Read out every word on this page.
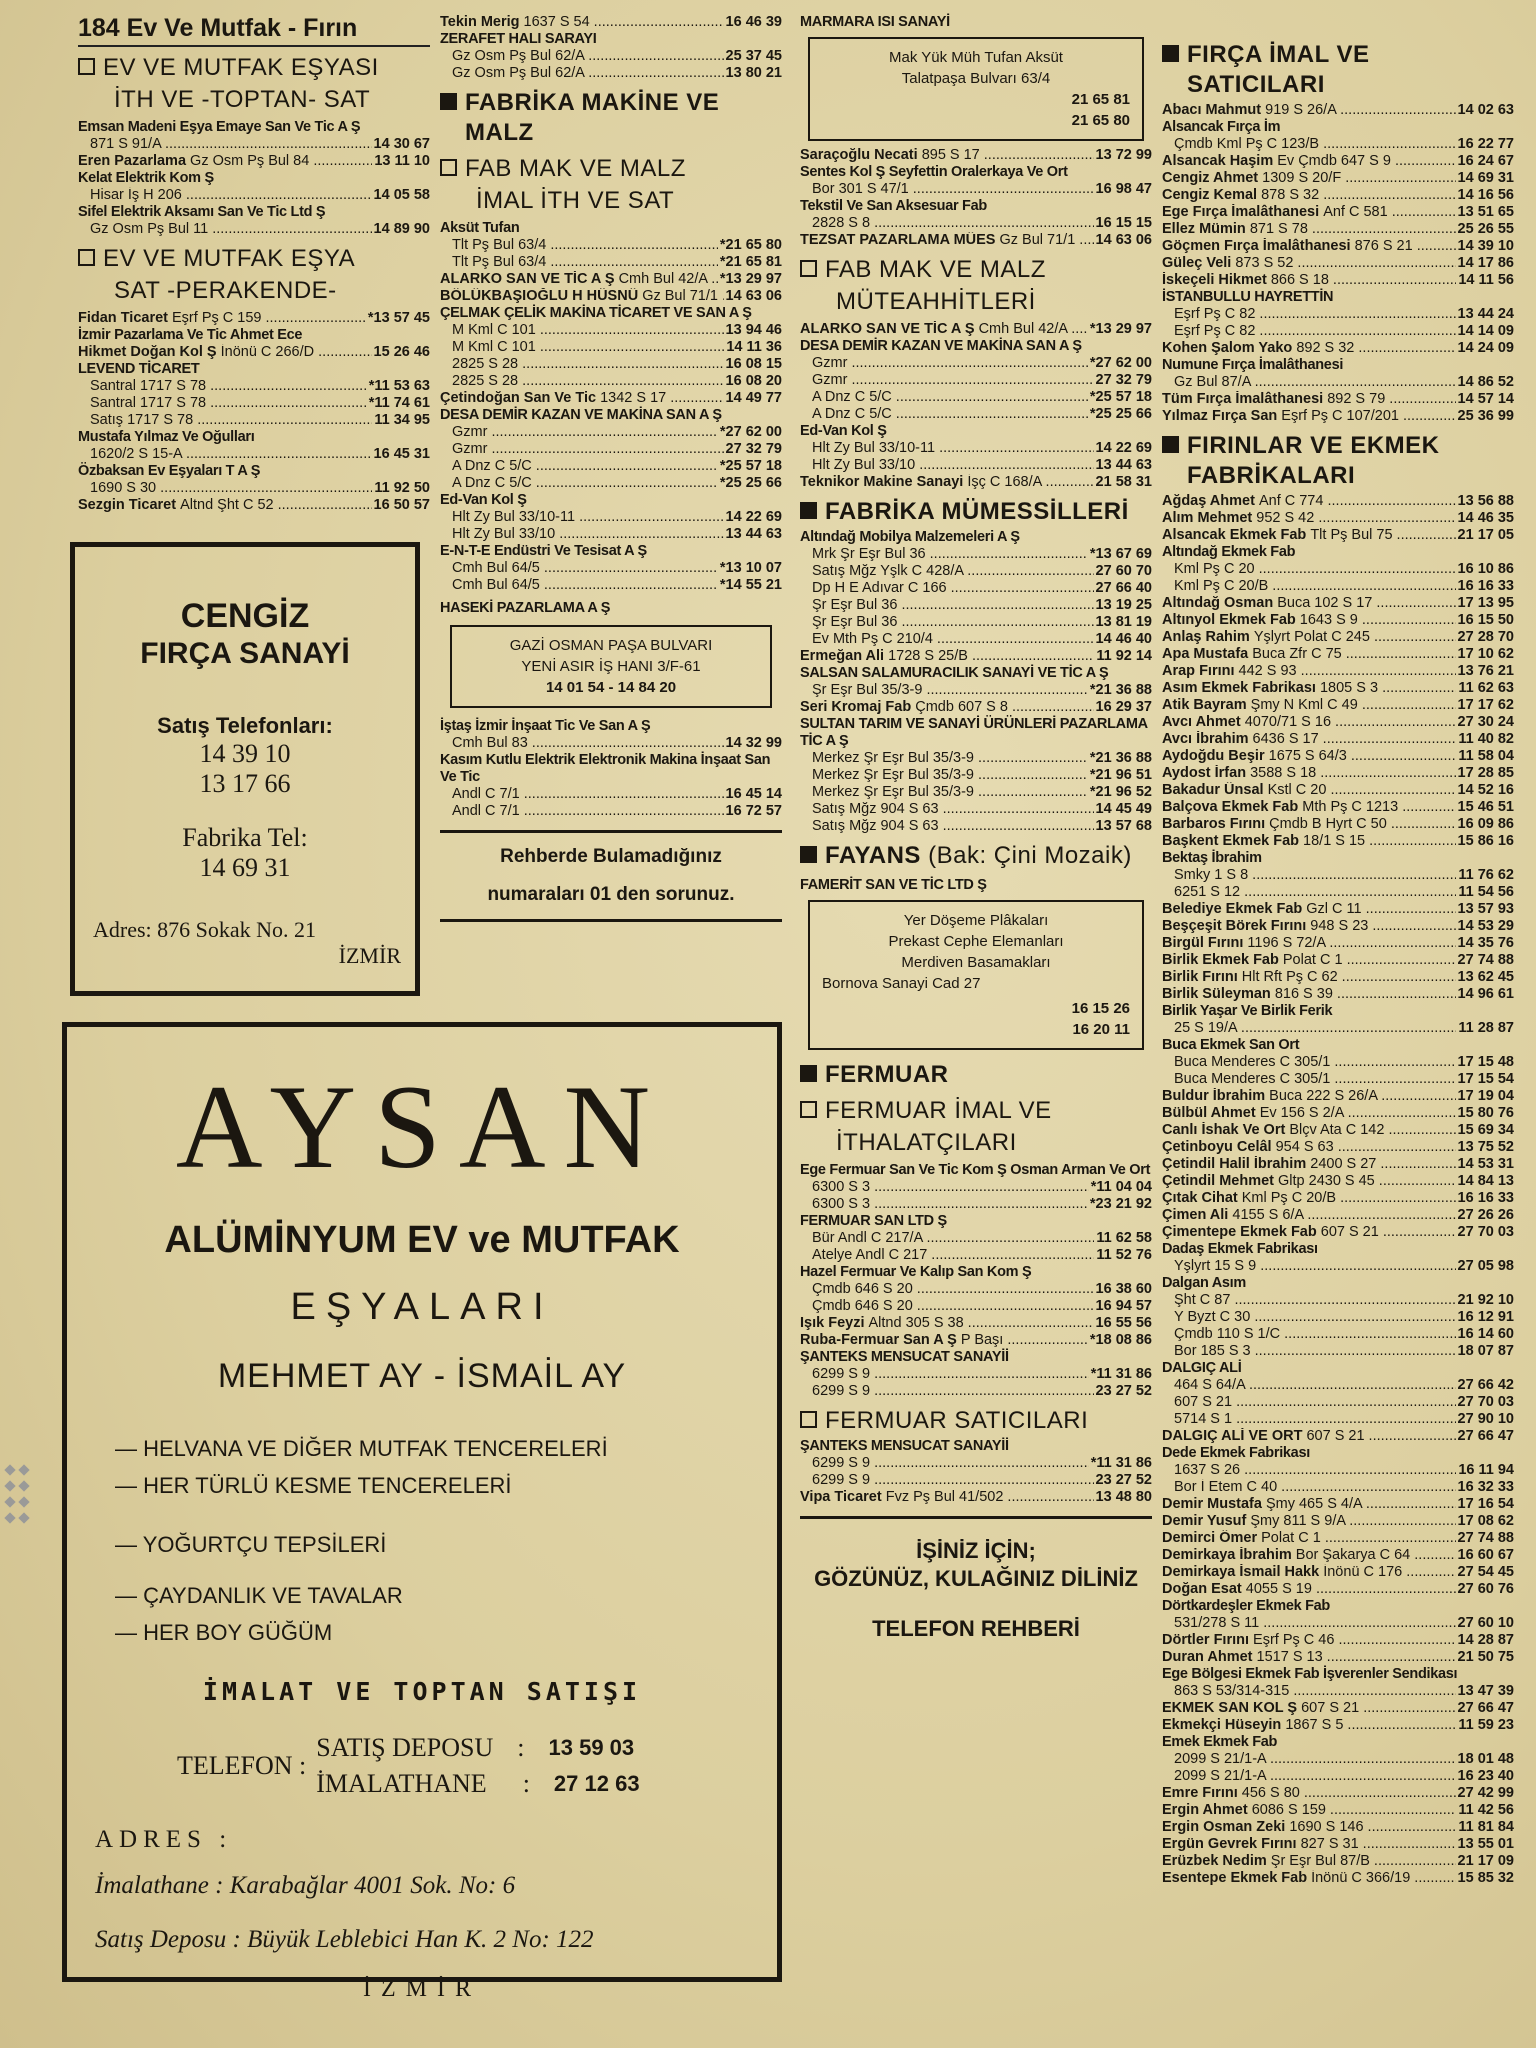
184 Ev Ve Mutfak - Fırın
EV VE MUTFAK EŞYASI
İTH VE -TOPTAN- SAT
Emsan Madeni Eşya Emaye San Ve Tic A Ş
871 S 91/A .....	14 30 67
Eren Pazarlama Gz Osm Pş Bul 84 .....	13 11 10
Kelat Elektrik Kom Ş
Hisar İş H 206 .....	14 05 58
Sifel Elektrik Aksamı San Ve Tic Ltd Ş
Gz Osm Pş Bul 11 .....	14 89 90
EV VE MUTFAK EŞYA
SAT -PERAKENDE-
Fidan Ticaret Eşrf Pş C 159 .....	*13 57 45
İzmir Pazarlama Ve Tic Ahmet Ece
Hikmet Doğan Kol Ş İnönü C 266/D .....	15 26 46
LEVEND TİCARET
Santral 1717 S 78 .....	*11 53 63
Santral 1717 S 78 .....	*11 74 61
Satış 1717 S 78 .....	11 34 95
Mustafa Yılmaz Ve Oğulları
1620/2 S 15-A .....	16 45 31
Özbaksan Ev Eşyaları T A Ş
1690 S 30 .....	11 92 50
Sezgin Ticaret Altnd Şht C 52 .....	16 50 57
CENGİZ
FIRÇA SANAYİ
Satış Telefonları:
14 39 10
13 17 66
Fabrika Tel:
14 69 31
Adres: 876 Sokak No. 21
İZMİR
AYSAN
ALÜMİNYUM EV ve MUTFAK
EŞYALARI
MEHMET AY - İSMAİL AY
— HELVANA VE DİĞER MUTFAK TENCERELERİ
— HER TÜRLÜ KESME TENCERELERİ
— YOĞURTÇU TEPSİLERİ
— ÇAYDANLIK VE TAVALAR
— HER BOY GÜĞÜM
İMALAT VE TOPTAN SATIŞI
TELEFON :
SATIŞ DEPOSU : 13 59 03
İMALATHANE : 27 12 63
ADRES :
İmalathane : Karabağlar 4001 Sok. No: 6
Satış Deposu : Büyük Leblebici Han K. 2 No: 122
İZMİR
Tekin Merig 1637 S 54 .....	16 46 39
ZERAFET HALI SARAYI
Gz Osm Pş Bul 62/A .....	25 37 45
Gz Osm Pş Bul 62/A .....	13 80 21
FABRİKA MAKİNE VE MALZ
FAB MAK VE MALZ
İMAL İTH VE SAT
Aksüt Tufan
Tlt Pş Bul 63/4 .....	*21 65 80
Tlt Pş Bul 63/4 .....	*21 65 81
ALARKO SAN VE TİC A Ş Cmh Bul 42/A ..... *13 29 97
BÖLÜKBAŞIOĞLU H HÜSNÜ Gz Bul 71/1 ..... 14 63 06
ÇELMAK ÇELİK MAKİNA TİCARET VE SAN A Ş
M Kml C 101 .....	13 94 46
M Kml C 101 .....	14 11 36
2825 S 28 .....	16 08 15
2825 S 28 .....	16 08 20
Çetindoğan San Ve Tic 1342 S 17 .....	14 49 77
DESA DEMİR KAZAN VE MAKİNA SAN A Ş
Gzmr .....	*27 62 00
Gzmr .....	27 32 79
A Dnz C 5/C .....	*25 57 18
A Dnz C 5/C .....	*25 25 66
Ed-Van Kol Ş
Hlt Zy Bul 33/10-11 .....	14 22 69
Hlt Zy Bul 33/10 .....	13 44 63
E-N-T-E Endüstri Ve Tesisat A Ş
Cmh Bul 64/5 .....	*13 10 07
Cmh Bul 64/5 .....	*14 55 21
HASEKİ PAZARLAMA A Ş
GAZİ OSMAN PAŞA BULVARI
YENİ ASIR İŞ HANI 3/F-61
14 01 54 - 14 84 20
İştaş İzmir İnşaat Tic Ve San A Ş
Cmh Bul 83 .....	14 32 99
Kasım Kutlu Elektrik Elektronik Makina İnşaat San Ve Tic
Andl C 7/1 .....	16 45 14
Andl C 7/1 .....	16 72 57
Rehberde Bulamadığınız
numaraları 01 den sorunuz.
MARMARA ISI SANAYİ
Mak Yük Müh Tufan Aksüt
Talatpaşa Bulvarı 63/4
21 65 81
21 65 80
Saraçoğlu Necati 895 S 17 .....	13 72 99
Sentes Kol Ş Seyfettin Oralerkaya Ve Ort
Bor 301 S 47/1 .....	16 98 47
Tekstil Ve San Aksesuar Fab
2828 S 8 .....	16 15 15
TEZSAT PAZARLAMA MÜES Gz Bul 71/1 .....	14 63 06
FAB MAK VE MALZ
MÜTEAHHİTLERİ
ALARKO SAN VE TİC A Ş Cmh Bul 42/A .....	*13 29 97
DESA DEMİR KAZAN VE MAKİNA SAN A Ş
Gzmr .....	*27 62 00
Gzmr .....	27 32 79
A Dnz C 5/C .....	*25 57 18
A Dnz C 5/C .....	*25 25 66
Ed-Van Kol Ş
Hlt Zy Bul 33/10-11 .....	14 22 69
Hlt Zy Bul 33/10 .....	13 44 63
Teknikor Makine Sanayi İşç C 168/A .....	21 58 31
FABRİKA MÜMESSİLLERİ
Altındağ Mobilya Malzemeleri A Ş
Mrk Şr Eşr Bul 36 .....	*13 67 69
Satış Mğz Yşlk C 428/A .....	27 60 70
Dp H E Adıvar C 166 .....	27 66 40
Şr Eşr Bul 36 .....	13 19 25
Şr Eşr Bul 36 .....	13 81 19
Ev Mth Pş C 210/4 .....	14 46 40
Ermeğan Ali 1728 S 25/B .....	11 92 14
SALSAN SALAMURACILIK SANAYİ VE TİC A Ş
Şr Eşr Bul 35/3-9 .....	*21 36 88
Seri Kromaj Fab Çmdb 607 S 8 .....	16 29 37
SULTAN TARIM VE SANAYİ ÜRÜNLERİ PAZARLAMA TİC A Ş
Merkez Şr Eşr Bul 35/3-9 .....	*21 36 88
Merkez Şr Eşr Bul 35/3-9 .....	*21 96 51
Merkez Şr Eşr Bul 35/3-9 .....	*21 96 52
Satış Mğz 904 S 63 .....	14 45 49
Satış Mğz 904 S 63 .....	13 57 68
FAYANS (Bak: Çini Mozaik)
FAMERİT SAN VE TİC LTD Ş
Yer Döşeme Plâkaları
Prekast Cephe Elemanları
Merdiven Basamakları
Bornova Sanayi Cad 27
16 15 26
16 20 11
FERMUAR
FERMUAR İMAL VE
İTHALATÇILARI
Ege Fermuar San Ve Tic Kom Ş Osman Arman Ve Ort
6300 S 3 .....	*11 04 04
6300 S 3 .....	*23 21 92
FERMUAR SAN LTD Ş
Bür Andl C 217/A .....	11 62 58
Atelye Andl C 217 .....	11 52 76
Hazel Fermuar Ve Kalıp San Kom Ş
Çmdb 646 S 20 .....	16 38 60
Çmdb 646 S 20 .....	16 94 57
Işık Feyzi Altnd 305 S 38 .....	16 55 56
Ruba-Fermuar San A Ş P Başı .....	*18 08 86
ŞANTEKS MENSUCAT SANAYİİ
6299 S 9 .....	*11 31 86
6299 S 9 .....	23 27 52
FERMUAR SATICILARI
ŞANTEKS MENSUCAT SANAYİİ
6299 S 9 .....	*11 31 86
6299 S 9 .....	23 27 52
Vipa Ticaret Fvz Pş Bul 41/502 .....	13 48 80
İŞİNİZ İÇİN;
GÖZÜNÜZ, KULAĞINIZ DİLİNİZ
TELEFON REHBERİ
FIRÇA İMAL VE SATICILARI
Abacı Mahmut 919 S 26/A .....	14 02 63
Alsancak Fırça İm
Çmdb Kml Pş C 123/B .....	16 22 77
Alsancak Haşim Ev Çmdb 647 S 9 .....	16 24 67
Cengiz Ahmet 1309 S 20/F .....	14 69 31
Cengiz Kemal 878 S 32 .....	14 16 56
Ege Fırça İmalâthanesi Anf C 581 .....	13 51 65
Ellez Mümin 871 S 78 .....	25 26 55
Göçmen Fırça İmalâthanesi 876 S 21 .....	14 39 10
Güleç Veli 873 S 52 .....	14 17 86
İskeçeli Hikmet 866 S 18 .....	14 11 56
İSTANBULLU HAYRETTİN
Eşrf Pş C 82 .....	13 44 24
Eşrf Pş C 82 .....	14 14 09
Kohen Şalom Yako 892 S 32 .....	14 24 09
Numune Fırça İmalâthanesi
Gz Bul 87/A .....	14 86 52
Tüm Fırça İmalâthanesi 892 S 79 .....	14 57 14
Yılmaz Fırça San Eşrf Pş C 107/201 .....	25 36 99
FIRINLAR VE EKMEK FABRİKALARI
Ağdaş Ahmet Anf C 774 .....	13 56 88
Alım Mehmet 952 S 42 .....	14 46 35
Alsancak Ekmek Fab Tlt Pş Bul 75 .....	21 17 05
Altındağ Ekmek Fab
Kml Pş C 20 .....	16 10 86
Kml Pş C 20/B .....	16 16 33
Altındağ Osman Buca 102 S 17 .....	17 13 95
Altınyol Ekmek Fab 1643 S 9 .....	16 15 50
Anlaş Rahim Yşlyrt Polat C 245 .....	27 28 70
Apa Mustafa Buca Zfr C 75 .....	17 10 62
Arap Fırını 442 S 93 .....	13 76 21
Asım Ekmek Fabrikası 1805 S 3 .....	11 62 63
Atik Bayram Şmy N Kml C 49 .....	17 17 62
Avcı Ahmet 4070/71 S 16 .....	27 30 24
Avcı İbrahim 6436 S 17 .....	11 40 82
Aydoğdu Beşir 1675 S 64/3 .....	11 58 04
Aydost İrfan 3588 S 18 .....	17 28 85
Bakadur Ünsal Kstl C 20 .....	14 52 16
Balçova Ekmek Fab Mth Pş C 1213 .....	15 46 51
Barbaros Fırını Çmdb B Hyrt C 50 .....	16 09 86
Başkent Ekmek Fab 18/1 S 15 .....	15 86 16
Bektaş İbrahim
Smky 1 S 8 .....	11 76 62
6251 S 12 .....	11 54 56
Belediye Ekmek Fab Gzl C 11 .....	13 57 93
Beşçeşit Börek Fırını 948 S 23 .....	14 53 29
Birgül Fırını 1196 S 72/A .....	14 35 76
Birlik Ekmek Fab Polat C 1 .....	27 74 88
Birlik Fırını Hlt Rft Pş C 62 .....	13 62 45
Birlik Süleyman 816 S 39 .....	14 96 61
Birlik Yaşar Ve Birlik Ferik
25 S 19/A .....	11 28 87
Buca Ekmek San Ort
Buca Menderes C 305/1 .....	17 15 48
Buca Menderes C 305/1 .....	17 15 54
Buldur İbrahim Buca 222 S 26/A .....	17 19 04
Bülbül Ahmet Ev 156 S 2/A .....	15 80 76
Canlı İshak Ve Ort Blçv Ata C 142 .....	15 69 34
Çetinboyu Celâl 954 S 63 .....	13 75 52
Çetindil Halil İbrahim 2400 S 27 .....	14 53 31
Çetindil Mehmet Gltp 2430 S 45 .....	14 84 13
Çıtak Cihat Kml Pş C 20/B .....	16 16 33
Çimen Ali 4155 S 6/A .....	27 26 26
Çimentepe Ekmek Fab 607 S 21 .....	27 70 03
Dadaş Ekmek Fabrikası
Yşlyrt 15 S 9 .....	27 05 98
Dalgan Asım
Şht C 87 .....	21 92 10
Y Byzt C 30 .....	16 12 91
Çmdb 110 S 1/C .....	16 14 60
Bor 185 S 3 .....	18 07 87
DALGIÇ ALİ
464 S 64/A .....	27 66 42
607 S 21 .....	27 70 03
5714 S 1 .....	27 90 10
DALGIÇ ALİ VE ORT 607 S 21 .....	27 66 47
Dede Ekmek Fabrikası
1637 S 26 .....	16 11 94
Bor İ Etem C 40 .....	16 32 33
Demir Mustafa Şmy 465 S 4/A .....	17 16 54
Demir Yusuf Şmy 811 S 9/A .....	17 08 62
Demirci Ömer Polat C 1 .....	27 74 88
Demirkaya İbrahim Bor Şakarya C 64 .....	16 60 67
Demirkaya İsmail Hakk İnönü C 176 .....	27 54 45
Doğan Esat 4055 S 19 .....	27 60 76
Dörtkardeşler Ekmek Fab
531/278 S 11 .....	27 60 10
Dörtler Fırını Eşrf Pş C 46 .....	14 28 87
Duran Ahmet 1517 S 13 .....	21 50 75
Ege Bölgesi Ekmek Fab İşverenler Sendikası
863 S 53/314-315 .....	13 47 39
EKMEK SAN KOL Ş 607 S 21 .....	27 66 47
Ekmekçi Hüseyin 1867 S 5 .....	11 59 23
Emek Ekmek Fab
2099 S 21/1-A .....	18 01 48
2099 S 21/1-A .....	16 23 40
Emre Fırını 456 S 80 .....	27 42 99
Ergin Ahmet 6086 S 159 .....	11 42 56
Ergin Osman Zeki 1690 S 146 .....	11 81 84
Ergün Gevrek Fırını 827 S 31 .....	13 55 01
Erüzbek Nedim Şr Eşr Bul 87/B .....	21 17 09
Esentepe Ekmek Fab İnönü C 366/19 .....	15 85 32
